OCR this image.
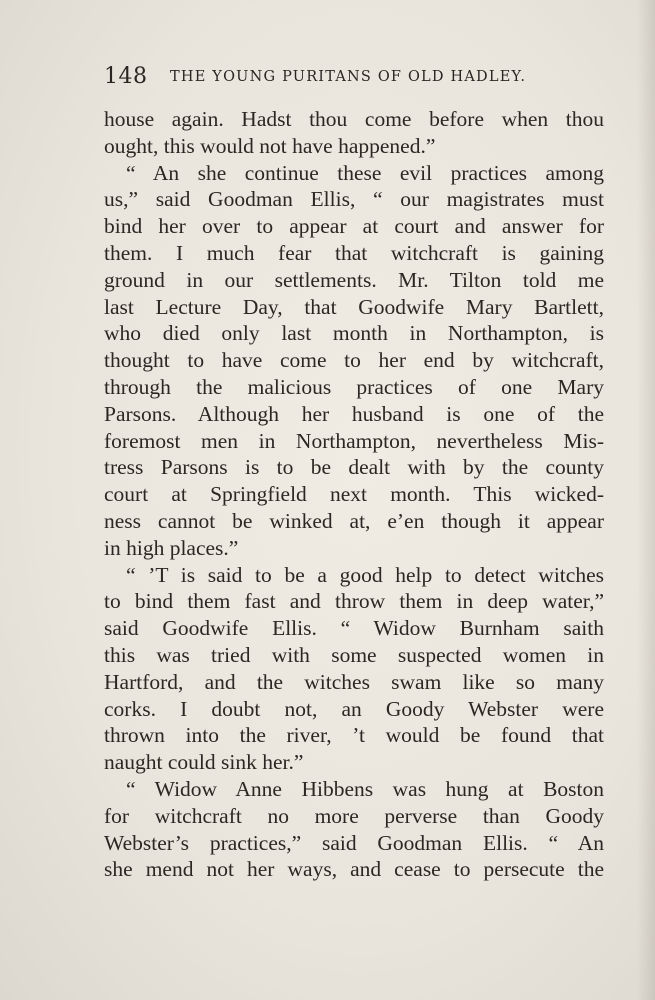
148 THE YOUNG PURITANS OF OLD HADLEY.
house again. Hadst thou come before when thou
ought, this would not have happened.”
“ An she continue these evil practices among
us,” said Goodman Ellis, “ our magistrates must
bind her over to appear at court and answer for
them. I much fear that witchcraft is gaining
ground in our settlements. Mr. Tilton told me
last Lecture Day, that Goodwife Mary Bartlett,
who died only last month in Northampton, is
thought to have come to her end by witchcraft,
through the malicious practices of one Mary
Parsons. Although her husband is one of the
foremost men in Northampton, nevertheless Mis-
tress Parsons is to be dealt with by the county
court at Springfield next month. This wicked-
ness cannot be winked at, e’en though it appear
in high places.”
“ ’T is said to be a good help to detect witches
to bind them fast and throw them in deep water,”
said Goodwife Ellis. “ Widow Burnham saith
this was tried with some suspected women in
Hartford, and the witches swam like so many
corks. I doubt not, an Goody Webster were
thrown into the river, ’t would be found that
naught could sink her.”
“ Widow Anne Hibbens was hung at Boston
for witchcraft no more perverse than Goody
Webster’s practices,” said Goodman Ellis. “ An
she mend not her ways, and cease to persecute the
